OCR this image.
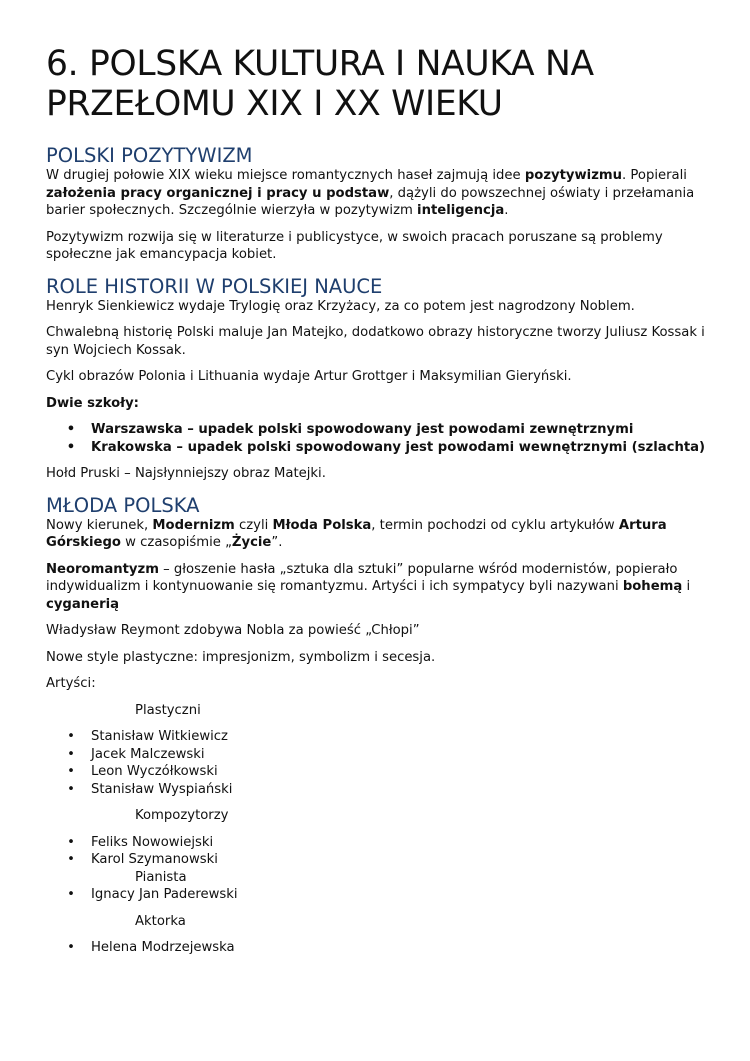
6. POLSKA KULTURA I NAUKA NA PRZEŁOMU XIX I XX WIEKU
POLSKI POZYTYWIZM

W drugiej połowie XIX wieku miejsce romantycznych haseł zajmują idee pozytywizmu. Popierali założenia pracy organicznej i pracy u podstaw, dążyli do powszechnej oświaty i przełamania barier społecznych. Szczególnie wierzyła w pozytywizm inteligencja.

Pozytywizm rozwija się w literaturze i publicystyce, w swoich pracach poruszane są problemy społeczne jak emancypacja kobiet.

ROLE HISTORII W POLSKIEJ NAUCE

Henryk Sienkiewicz wydaje Trylogię oraz Krzyżacy, za co potem jest nagrodzony Noblem.

Chwalebną historię Polski maluje Jan Matejko, dodatkowo obrazy historyczne tworzy Juliusz Kossak i syn Wojciech Kossak.

Cykl obrazów Polonia i Lithuania wydaje Artur Grottger i Maksymilian Gieryński.

Dwie szkoły:

• Warszawska – upadek polski spowodowany jest powodami zewnętrznymi
• Krakowska – upadek polski spowodowany jest powodami wewnętrznymi (szlachta)

Hołd Pruski – Najsłynniejszy obraz Matejki.

MŁODA POLSKA

Nowy kierunek, Modernizm czyli Młoda Polska, termin pochodzi od cyklu artykułów Artura Górskiego w czasopiśmie „Życie”.

Neoromantyzm – głoszenie hasła „sztuka dla sztuki” popularne wśród modernistów, popierało indywidualizm i kontynuowanie się romantyzmu. Artyści i ich sympatycy byli nazywani bohemą i cyganerią

Władysław Reymont zdobywa Nobla za powieść „Chłopi”

Nowe style plastyczne: impresjonizm, symbolizm i secesja.

Artyści:

Plastyczni
• Stanisław Witkiewicz
• Jacek Malczewski
• Leon Wyczółkowski
• Stanisław Wyspiański
Kompozytorzy
• Feliks Nowowiejski
• Karol Szymanowski
Pianista
• Ignacy Jan Paderewski
Aktorka
• Helena Modrzejewska
